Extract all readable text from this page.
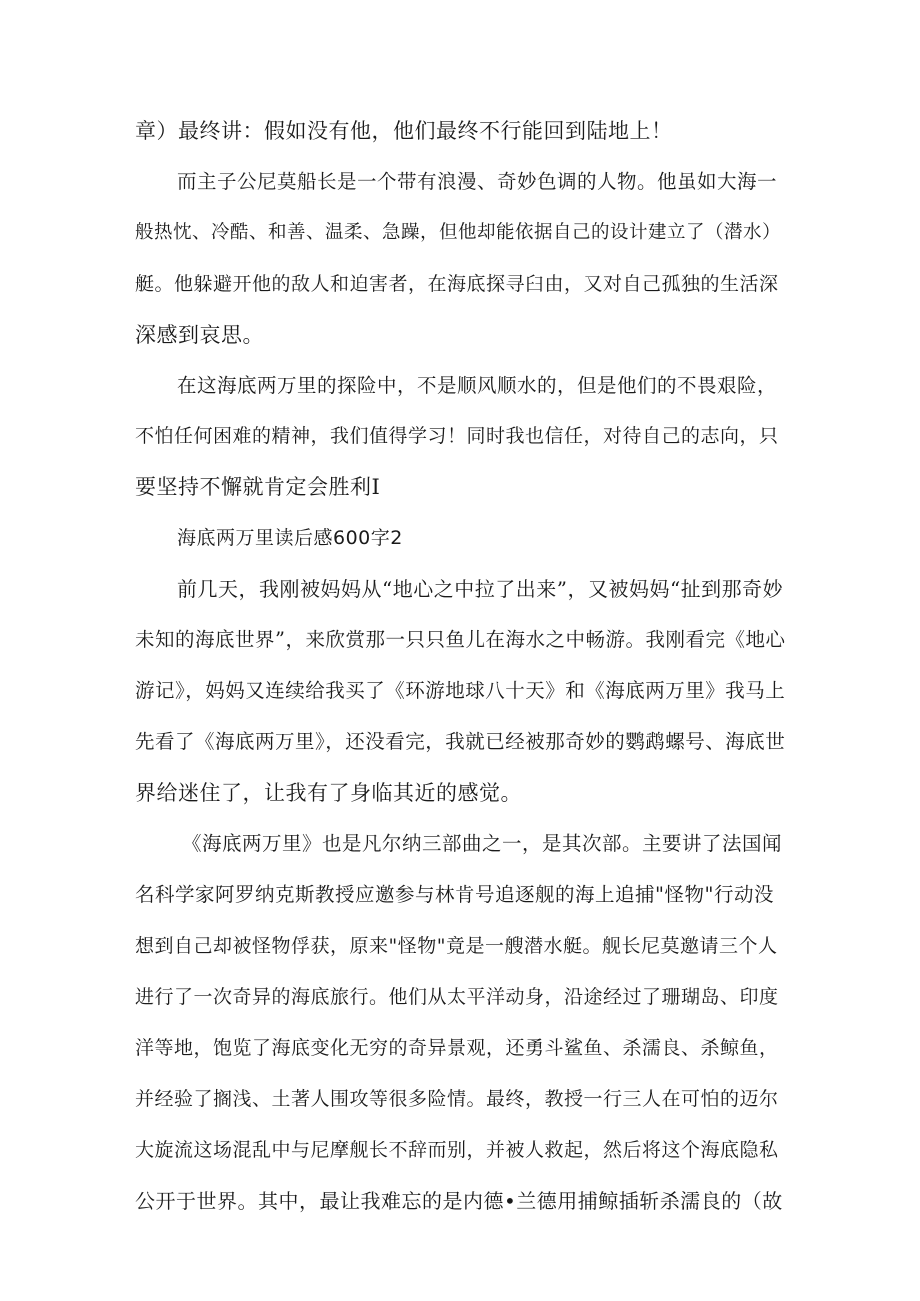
章）最终讲：假如没有他，他们最终不行能回到陆地上！
而主子公尼莫船长是一个带有浪漫、奇妙色调的人物。他虽如大海一
般热忱、冷酷、和善、温柔、急躁，但他却能依据自己的设计建立了（潜水）
艇。他躲避开他的敌人和迫害者，在海底探寻臼由，又对自己孤独的生活深
深感到哀思。
在这海底两万里的探险中，不是顺风顺水的，但是他们的不畏艰险，
不怕任何困难的精神，我们值得学习！同时我也信任，对待自己的志向，只
要坚持不懈就肯定会胜利I
海底两万里读后感600字2
前几天，我刚被妈妈从“地心之中拉了出来”，又被妈妈“扯到那奇妙
未知的海底世界”，来欣赏那一只只鱼儿在海水之中畅游。我刚看完《地心
游记》，妈妈又连续给我买了《环游地球八十天》和《海底两万里》我马上
先看了《海底两万里》，还没看完，我就已经被那奇妙的鹦鹉螺号、海底世
界给迷住了，让我有了身临其近的感觉。
《海底两万里》也是凡尔纳三部曲之一，是其次部。主要讲了法国闻
名科学家阿罗纳克斯教授应邀参与林肯号追逐舰的海上追捕"怪物"行动没
想到自己却被怪物俘获，原来"怪物"竟是一艘潜水艇。舰长尼莫邀请三个人
进行了一次奇异的海底旅行。他们从太平洋动身，沿途经过了珊瑚岛、印度
洋等地，饱览了海底变化无穷的奇异景观，还勇斗鲨鱼、杀濡良、杀鲸鱼，
并经验了搁浅、土著人围攻等很多险情。最终，教授一行三人在可怕的迈尔
大旋流这场混乱中与尼摩舰长不辞而别，并被人救起，然后将这个海底隐私
公开于世界。其中，最让我难忘的是内德•兰德用捕鲸插斩杀濡良的（故
